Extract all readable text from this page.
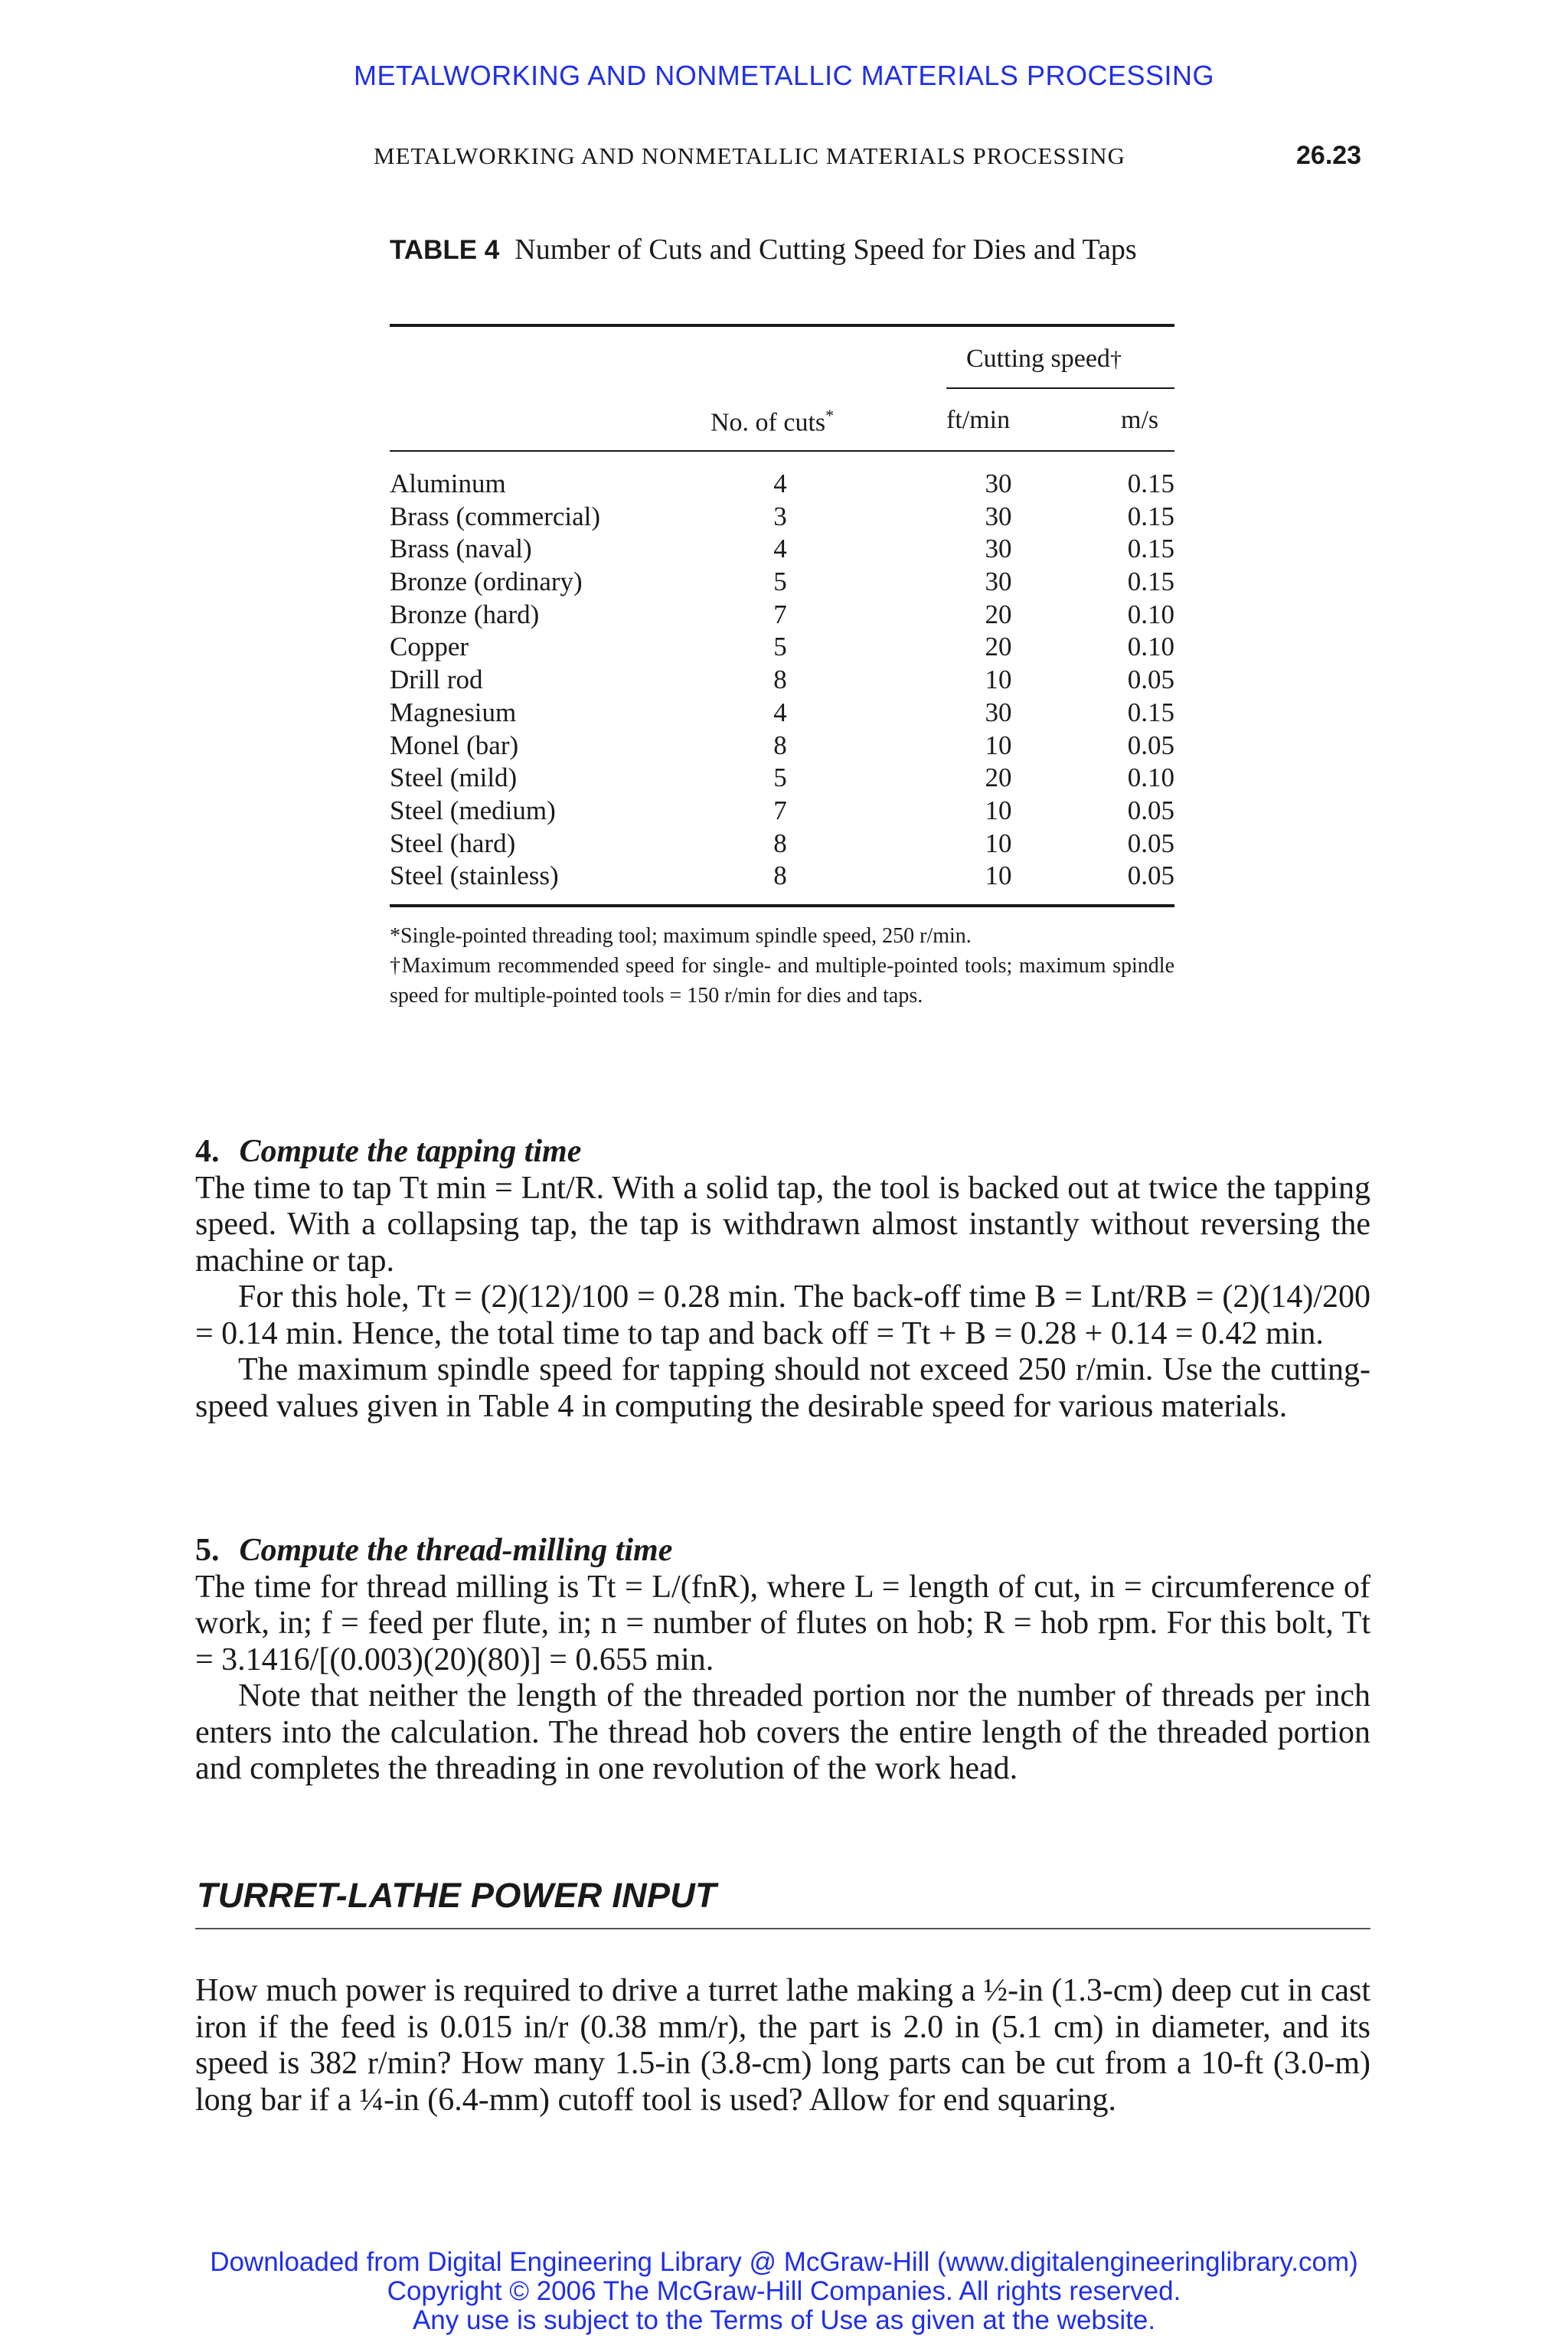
METALWORKING AND NONMETALLIC MATERIALS PROCESSING
METALWORKING AND NONMETALLIC MATERIALS PROCESSING	26.23
TABLE 4 Number of Cuts and Cutting Speed for Dies and Taps
Cutting speed†
No. of cuts*	ft/min	m/s
Aluminum	4	30	0.15
Brass (commercial)	3	30	0.15
Brass (naval)	4	30	0.15
Bronze (ordinary)	5	30	0.15
Bronze (hard)	7	20	0.10
Copper	5	20	0.10
Drill rod	8	10	0.05
Magnesium	4	30	0.15
Monel (bar)	8	10	0.05
Steel (mild)	5	20	0.10
Steel (medium)	7	10	0.05
Steel (hard)	8	10	0.05
Steel (stainless)	8	10	0.05

*Single-pointed threading tool; maximum spindle speed, 250 r/min.

†Maximum recommended speed for single- and multiple-pointed tools; maximum spindle speed for multiple-pointed tools = 150 r/min for dies and taps.

4. Compute the tapping time

The time to tap Tt min = Lnt/R. With a solid tap, the tool is backed out at twice the tapping speed. With a collapsing tap, the tap is withdrawn almost instantly without reversing the machine or tap.

For this hole, Tt = (2)(12)/100 = 0.28 min. The back-off time B = Lnt/RB = (2)(14)/200 = 0.14 min. Hence, the total time to tap and back off = Tt + B = 0.28 + 0.14 = 0.42 min.

The maximum spindle speed for tapping should not exceed 250 r/min. Use the cutting-speed values given in Table 4 in computing the desirable speed for various materials.

5. Compute the thread-milling time

The time for thread milling is Tt = L/(fnR), where L = length of cut, in = circumference of work, in; f = feed per flute, in; n = number of flutes on hob; R = hob rpm. For this bolt, Tt = 3.1416/[(0.003)(20)(80)] = 0.655 min.

Note that neither the length of the threaded portion nor the number of threads per inch enters into the calculation. The thread hob covers the entire length of the threaded portion and completes the threading in one revolution of the work head.

TURRET-LATHE POWER INPUT

How much power is required to drive a turret lathe making a ½-in (1.3-cm) deep cut in cast iron if the feed is 0.015 in/r (0.38 mm/r), the part is 2.0 in (5.1 cm) in diameter, and its speed is 382 r/min? How many 1.5-in (3.8-cm) long parts can be cut from a 10-ft (3.0-m) long bar if a ¼-in (6.4-mm) cutoff tool is used? Allow for end squaring.

Downloaded from Digital Engineering Library @ McGraw-Hill (www.digitalengineeringlibrary.com)
Copyright © 2006 The McGraw-Hill Companies. All rights reserved.
Any use is subject to the Terms of Use as given at the website.
